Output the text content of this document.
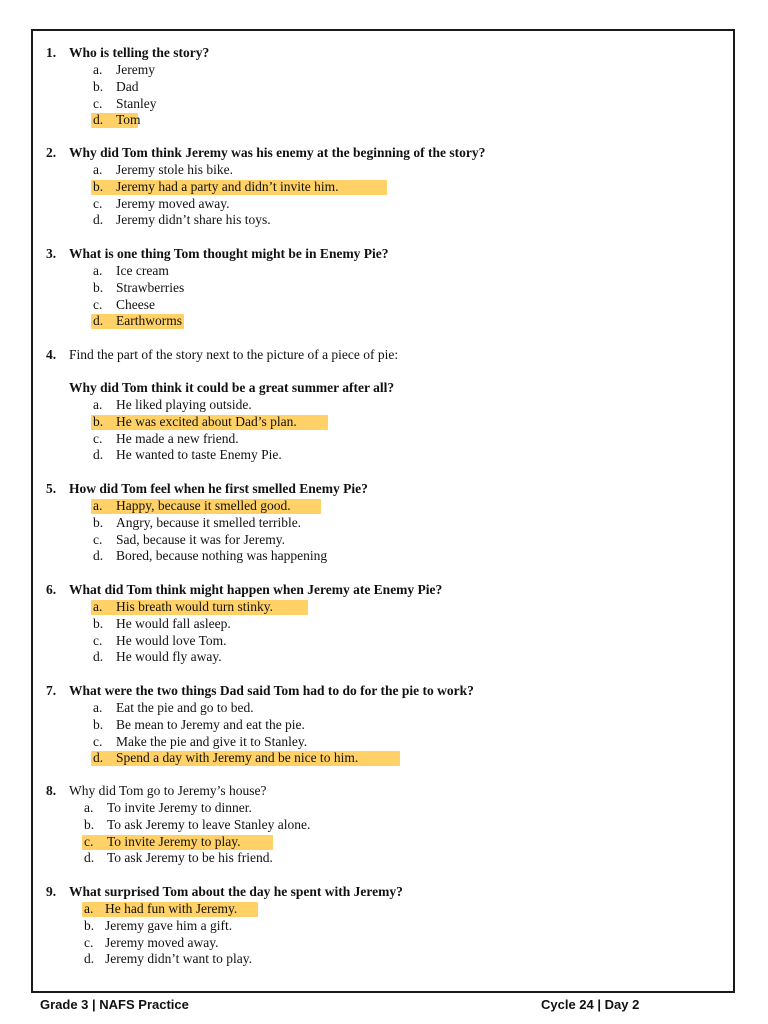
1. Who is telling the story?
a. Jeremy
b. Dad
c. Stanley
d. Tom
2. Why did Tom think Jeremy was his enemy at the beginning of the story?
a. Jeremy stole his bike.
b. Jeremy had a party and didn’t invite him.
c. Jeremy moved away.
d. Jeremy didn’t share his toys.
3. What is one thing Tom thought might be in Enemy Pie?
a. Ice cream
b. Strawberries
c. Cheese
d. Earthworms
4. Find the part of the story next to the picture of a piece of pie:
Why did Tom think it could be a great summer after all?
a. He liked playing outside.
b. He was excited about Dad’s plan.
c. He made a new friend.
d. He wanted to taste Enemy Pie.
5. How did Tom feel when he first smelled Enemy Pie?
a. Happy, because it smelled good.
b. Angry, because it smelled terrible.
c. Sad, because it was for Jeremy.
d. Bored, because nothing was happening
6. What did Tom think might happen when Jeremy ate Enemy Pie?
a. His breath would turn stinky.
b. He would fall asleep.
c. He would love Tom.
d. He would fly away.
7. What were the two things Dad said Tom had to do for the pie to work?
a. Eat the pie and go to bed.
b. Be mean to Jeremy and eat the pie.
c. Make the pie and give it to Stanley.
d. Spend a day with Jeremy and be nice to him.
8. Why did Tom go to Jeremy’s house?
a. To invite Jeremy to dinner.
b. To ask Jeremy to leave Stanley alone.
c. To invite Jeremy to play.
d. To ask Jeremy to be his friend.
9. What surprised Tom about the day he spent with Jeremy?
a. He had fun with Jeremy.
b. Jeremy gave him a gift.
c. Jeremy moved away.
d. Jeremy didn’t want to play.
Grade 3 | NAFS Practice	Cycle 24 | Day 2
